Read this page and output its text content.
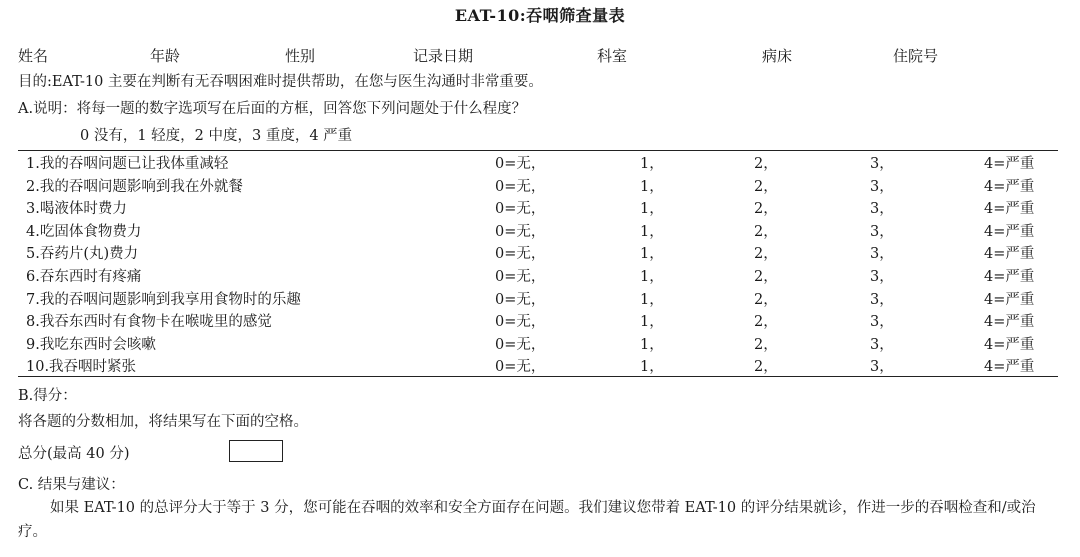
EAT-10:吞咽筛查量表
姓名	年龄	性别	记录日期	科室	病床	住院号
目的:EAT-10 主要在判断有无吞咽困难时提供帮助，在您与医生沟通时非常重要。
A.说明：将每一题的数字选项写在后面的方框，回答您下列问题处于什么程度？
0 没有，1 轻度，2 中度，3 重度，4 严重
1.我的吞咽问题已让我体重减轻	0=无，	1，	2，	3，	4=严重
2.我的吞咽问题影响到我在外就餐	0=无，	1，	2，	3，	4=严重
3.喝液体时费力	0=无，	1，	2，	3，	4=严重
4.吃固体食物费力	0=无，	1，	2，	3，	4=严重
5.吞药片(丸)费力	0=无，	1，	2，	3，	4=严重
6.吞东西时有疼痛	0=无，	1，	2，	3，	4=严重
7.我的吞咽问题影响到我享用食物时的乐趣	0=无，	1，	2，	3，	4=严重
8.我吞东西时有食物卡在喉咙里的感觉	0=无，	1，	2，	3，	4=严重
9.我吃东西时会咳嗽	0=无，	1，	2，	3，	4=严重
10.我吞咽时紧张	0=无，	1，	2，	3，	4=严重
B.得分：
将各题的分数相加，将结果写在下面的空格。
总分(最高 40 分)
C. 结果与建议：
如果 EAT-10 的总评分大于等于 3 分，您可能在吞咽的效率和安全方面存在问题。我们建议您带着 EAT-10 的评分结果就诊，作进一步的吞咽检查和/或治疗。
